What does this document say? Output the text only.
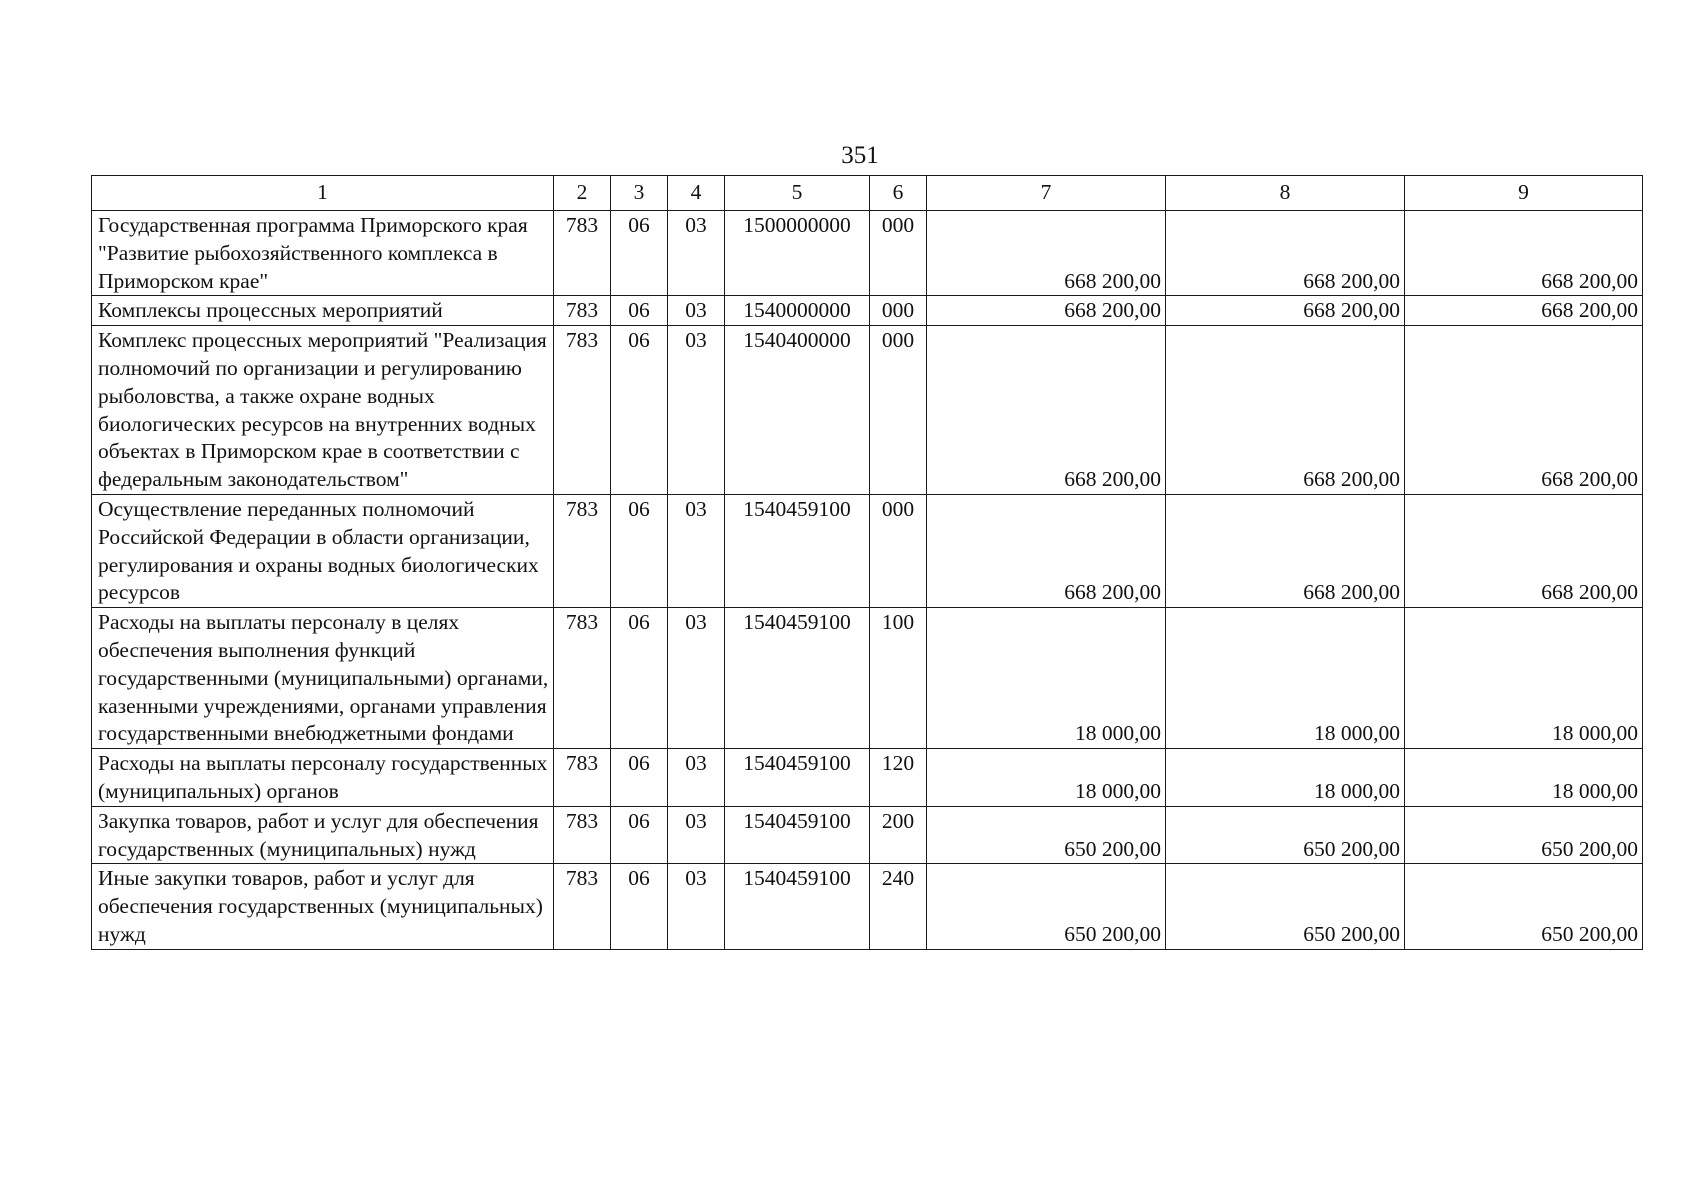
351
1	2	3	4	5	6	7	8	9
Государственная программа Приморского края "Развитие рыбохозяйственного комплекса в Приморском крае"	783	06	03	1500000000	000	668 200,00	668 200,00	668 200,00
Комплексы процессных мероприятий	783	06	03	1540000000	000	668 200,00	668 200,00	668 200,00
Комплекс процессных мероприятий "Реализация полномочий по организации и регулированию рыболовства, а также охране водных биологических ресурсов на внутренних водных объектах в Приморском крае в соответствии с федеральным законодательством"	783	06	03	1540400000	000	668 200,00	668 200,00	668 200,00
Осуществление переданных полномочий Российской Федерации в области организации, регулирования и охраны водных биологических ресурсов	783	06	03	1540459100	000	668 200,00	668 200,00	668 200,00
Расходы на выплаты персоналу в целях обеспечения выполнения функций государственными (муниципальными) органами, казенными учреждениями, органами управления государственными внебюджетными фондами	783	06	03	1540459100	100	18 000,00	18 000,00	18 000,00
Расходы на выплаты персоналу государственных (муниципальных) органов	783	06	03	1540459100	120	18 000,00	18 000,00	18 000,00
Закупка товаров, работ и услуг для обеспечения государственных (муниципальных) нужд	783	06	03	1540459100	200	650 200,00	650 200,00	650 200,00
Иные закупки товаров, работ и услуг для обеспечения государственных (муниципальных) нужд	783	06	03	1540459100	240	650 200,00	650 200,00	650 200,00
